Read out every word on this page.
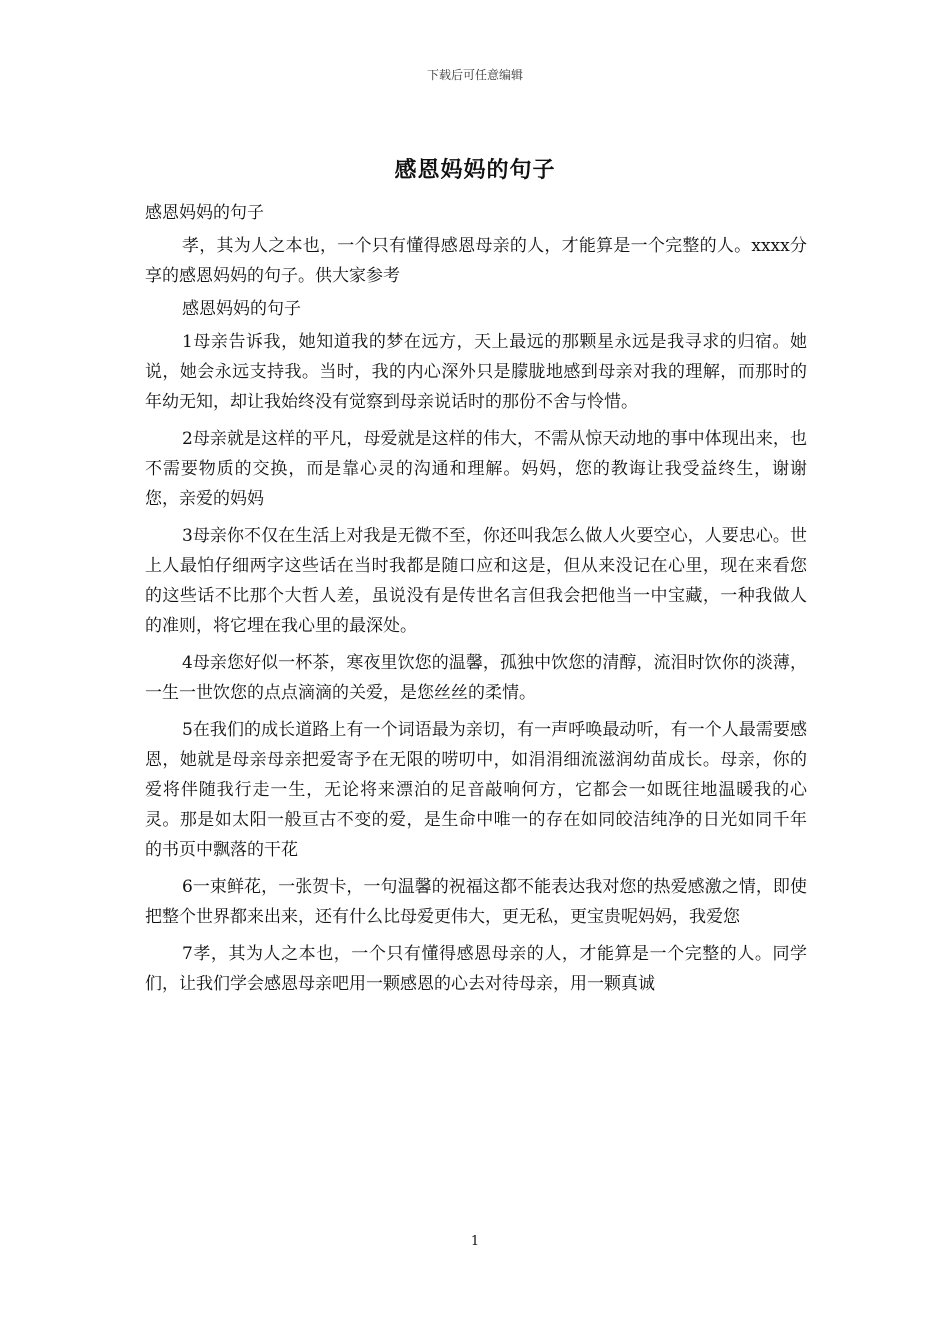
下载后可任意编辑
感恩妈妈的句子

感恩妈妈的句子

孝，其为人之本也，一个只有懂得感恩母亲的人，才能算是一个完整的人。xxxx分享的感恩妈妈的句子。供大家参考

感恩妈妈的句子

1母亲告诉我，她知道我的梦在远方，天上最远的那颗星永远是我寻求的归宿。她说，她会永远支持我。当时，我的内心深外只是朦胧地感到母亲对我的理解，而那时的年幼无知，却让我始终没有觉察到母亲说话时的那份不舍与怜惜。

2母亲就是这样的平凡，母爱就是这样的伟大，不需从惊天动地的事中体现出来，也不需要物质的交换，而是靠心灵的沟通和理解。妈妈，您的教诲让我受益终生，谢谢您，亲爱的妈妈

3母亲你不仅在生活上对我是无微不至，你还叫我怎么做人火要空心，人要忠心。世上人最怕仔细两字这些话在当时我都是随口应和这是，但从来没记在心里，现在来看您的这些话不比那个大哲人差，虽说没有是传世名言但我会把他当一中宝藏，一种我做人的准则，将它埋在我心里的最深处。

4母亲您好似一杯茶，寒夜里饮您的温馨，孤独中饮您的清醇，流泪时饮你的淡薄，一生一世饮您的点点滴滴的关爱，是您丝丝的柔情。

5在我们的成长道路上有一个词语最为亲切，有一声呼唤最动听，有一个人最需要感恩，她就是母亲母亲把爱寄予在无限的唠叨中，如涓涓细流滋润幼苗成长。母亲，你的爱将伴随我行走一生，无论将来漂泊的足音敲响何方，它都会一如既往地温暖我的心灵。那是如太阳一般亘古不变的爱，是生命中唯一的存在如同皎洁纯净的日光如同千年的书页中飘落的干花

6一束鲜花，一张贺卡，一句温馨的祝福这都不能表达我对您的热爱感激之情，即使把整个世界都来出来，还有什么比母爱更伟大，更无私，更宝贵呢妈妈，我爱您

7孝，其为人之本也，一个只有懂得感恩母亲的人，才能算是一个完整的人。同学们，让我们学会感恩母亲吧用一颗感恩的心去对待母亲，用一颗真诚

1
